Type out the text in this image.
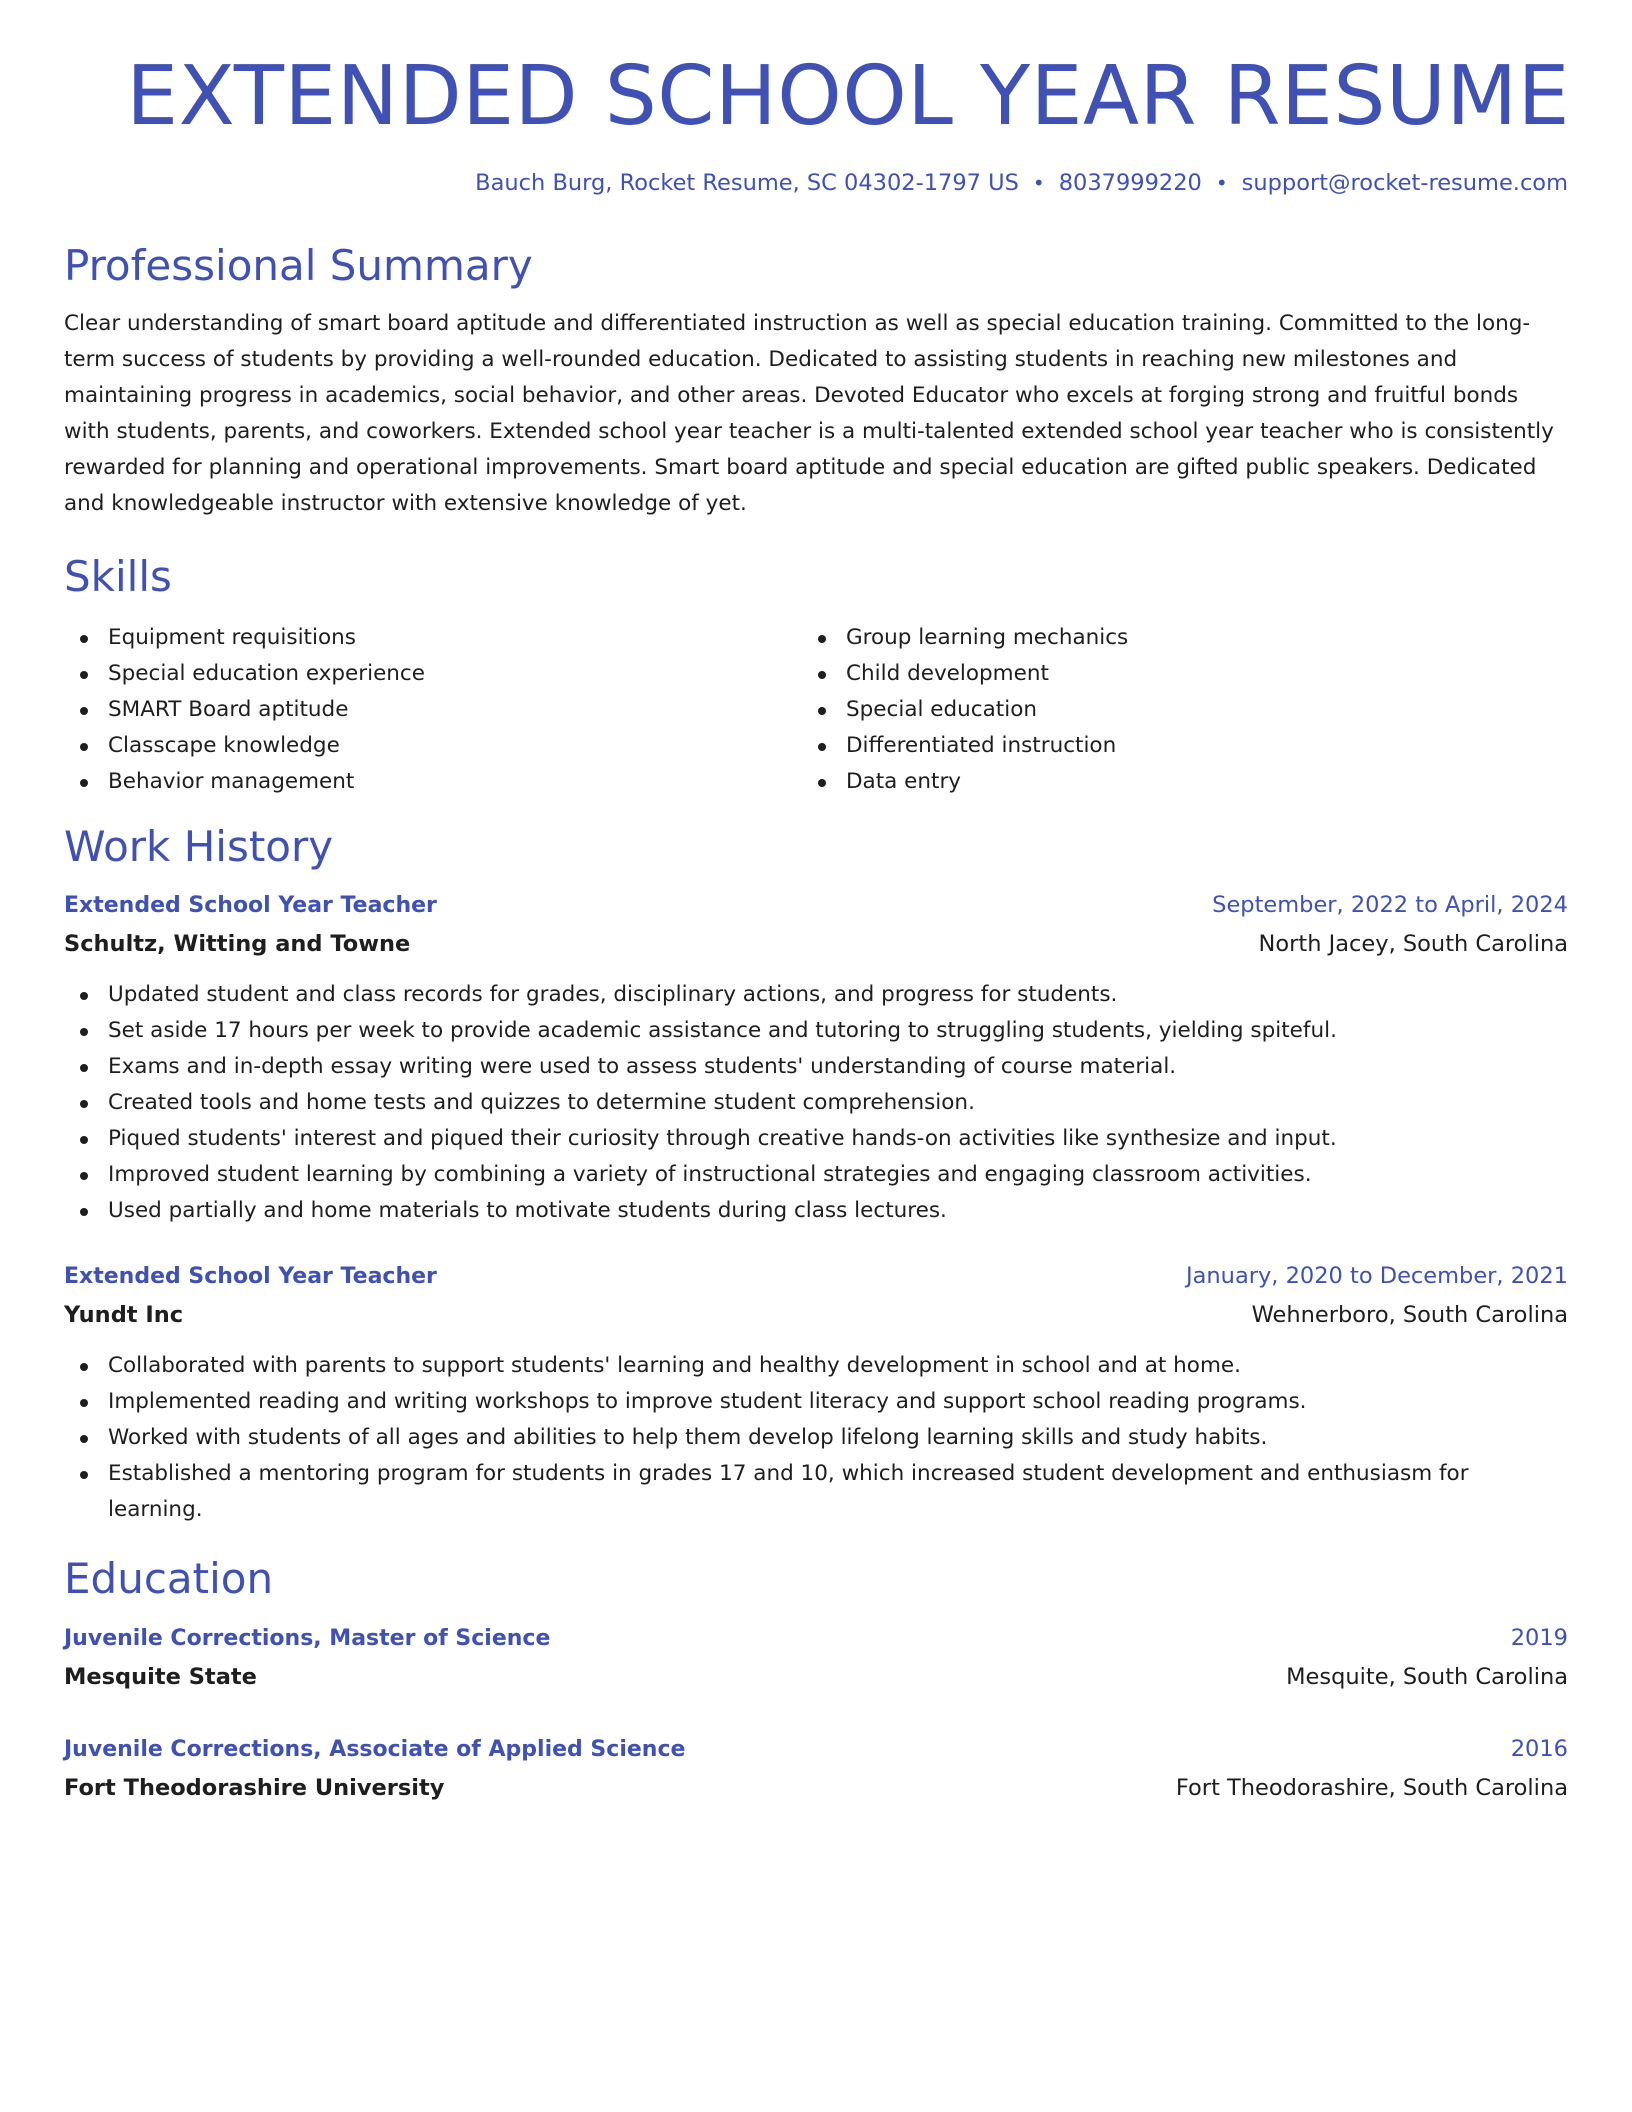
EXTENDED SCHOOL YEAR RESUME
Bauch Burg, Rocket Resume, SC 04302-1797 US • 8037999220 • support@rocket-resume.com
Professional Summary

Clear understanding of smart board aptitude and differentiated instruction as well as special education training. Committed to the long-term success of students by providing a well-rounded education. Dedicated to assisting students in reaching new milestones and maintaining progress in academics, social behavior, and other areas. Devoted Educator who excels at forging strong and fruitful bonds with students, parents, and coworkers. Extended school year teacher is a multi-talented extended school year teacher who is consistently rewarded for planning and operational improvements. Smart board aptitude and special education are gifted public speakers. Dedicated and knowledgeable instructor with extensive knowledge of yet.

Skills
Equipment requisitions
Special education experience
SMART Board aptitude
Classcape knowledge
Behavior management
Group learning mechanics
Child development
Special education
Differentiated instruction
Data entry
Work History
Extended School Year Teacher	September, 2022 to April, 2024
Schultz, Witting and Towne	North Jacey, South Carolina
Updated student and class records for grades, disciplinary actions, and progress for students.
Set aside 17 hours per week to provide academic assistance and tutoring to struggling students, yielding spiteful.
Exams and in-depth essay writing were used to assess students' understanding of course material.
Created tools and home tests and quizzes to determine student comprehension.
Piqued students' interest and piqued their curiosity through creative hands-on activities like synthesize and input.
Improved student learning by combining a variety of instructional strategies and engaging classroom activities.
Used partially and home materials to motivate students during class lectures.
Extended School Year Teacher	January, 2020 to December, 2021
Yundt Inc	Wehnerboro, South Carolina
Collaborated with parents to support students' learning and healthy development in school and at home.
Implemented reading and writing workshops to improve student literacy and support school reading programs.
Worked with students of all ages and abilities to help them develop lifelong learning skills and study habits.
Established a mentoring program for students in grades 17 and 10, which increased student development and enthusiasm for learning.
Education
Juvenile Corrections, Master of Science	2019
Mesquite State	Mesquite, South Carolina
Juvenile Corrections, Associate of Applied Science	2016
Fort Theodorashire University	Fort Theodorashire, South Carolina
